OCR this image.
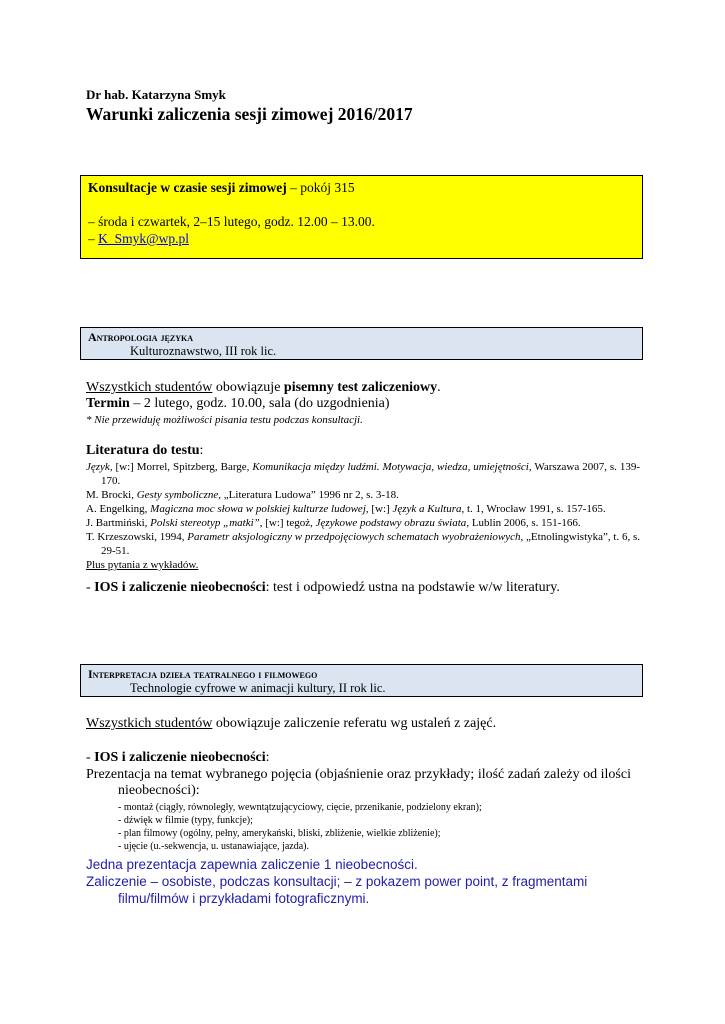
Dr hab. Katarzyna Smyk
Warunki zaliczenia sesji zimowej 2016/2017
Konsultacje w czasie sesji zimowej – pokój 315
– środa i czwartek, 2–15 lutego, godz. 12.00 – 13.00.
– K_Smyk@wp.pl
Antropologia języka
Kulturoznawstwo, III rok lic.
Wszystkich studentów obowiązuje pisemny test zaliczeniowy.
Termin – 2 lutego, godz. 10.00, sala (do uzgodnienia)
* Nie przewiduję możliwości pisania testu podczas konsultacji.
Literatura do testu:

Język, [w:] Morrel, Spitzberg, Barge, Komunikacja między ludźmi. Motywacja, wiedza, umiejętności, Warszawa 2007, s. 139-170.

M. Brocki, Gesty symboliczne, „Literatura Ludowa” 1996 nr 2, s. 3-18.

A. Engelking, Magiczna moc słowa w polskiej kulturze ludowej, [w:] Język a Kultura, t. 1, Wrocław 1991, s. 157-165.

J. Bartmiński, Polski stereotyp „matki”, [w:] tegoż, Językowe podstawy obrazu świata, Lublin 2006, s. 151-166.

T. Krzeszowski, 1994, Parametr aksjologiczny w przedpojęciowych schematach wyobrażeniowych, „Etnolingwistyka”, t. 6, s. 29-51.

Plus pytania z wykładów.

- IOS i zaliczenie nieobecności: test i odpowiedź ustna na podstawie w/w literatury.
Interpretacja dzieła teatralnego i filmowego
Technologie cyfrowe w animacji kultury, II rok lic.
Wszystkich studentów obowiązuje zaliczenie referatu wg ustaleń z zajęć.
- IOS i zaliczenie nieobecności:
Prezentacja na temat wybranego pojęcia (objaśnienie oraz przykłady; ilość zadań zależy od ilości nieobecności):
- montaż (ciągły, równoległy, wewntątzującyciowy, cięcie, przenikanie, podzielony ekran);
- dźwięk w filmie (typy, funkcje);
- plan filmowy (ogólny, pełny, amerykański, bliski, zbliżenie, wielkie zbliżenie);
- ujęcie (u.-sekwencja, u. ustanawiające, jazda).
Jedna prezentacja zapewnia zaliczenie 1 nieobecności.
Zaliczenie – osobiste, podczas konsultacji; – z pokazem power point, z fragmentami filmu/filmów i przykładami fotograficznymi.
